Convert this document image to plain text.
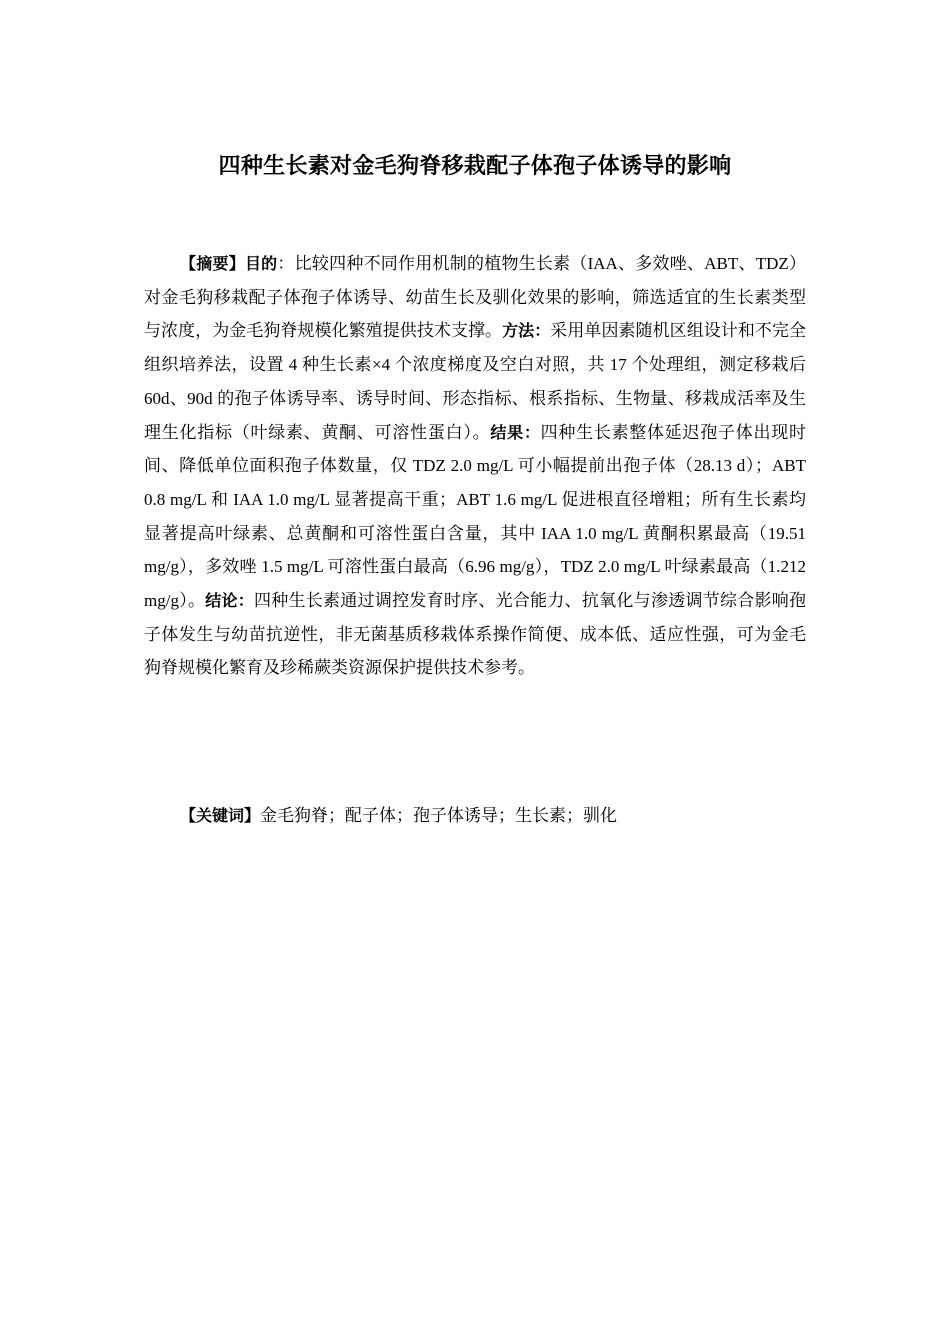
四种生长素对金毛狗脊移栽配子体孢子体诱导的影响

【摘要】目的：比较四种不同作用机制的植物生长素（IAA、多效唑、ABT、TDZ）对金毛狗移栽配子体孢子体诱导、幼苗生长及驯化效果的影响，筛选适宜的生长素类型与浓度，为金毛狗脊规模化繁殖提供技术支撑。方法：采用单因素随机区组设计和不完全组织培养法，设置 4 种生长素×4 个浓度梯度及空白对照，共 17 个处理组，测定移栽后 60d、90d 的孢子体诱导率、诱导时间、形态指标、根系指标、生物量、移栽成活率及生理生化指标（叶绿素、黄酮、可溶性蛋白）。结果：四种生长素整体延迟孢子体出现时间、降低单位面积孢子体数量，仅 TDZ 2.0 mg/L 可小幅提前出孢子体（28.13 d）；ABT 0.8 mg/L 和 IAA 1.0 mg/L 显著提高干重；ABT 1.6 mg/L 促进根直径增粗；所有生长素均显著提高叶绿素、总黄酮和可溶性蛋白含量，其中 IAA 1.0 mg/L 黄酮积累最高（19.51 mg/g），多效唑 1.5 mg/L 可溶性蛋白最高（6.96 mg/g），TDZ 2.0 mg/L 叶绿素最高（1.212 mg/g）。结论：四种生长素通过调控发育时序、光合能力、抗氧化与渗透调节综合影响孢子体发生与幼苗抗逆性，非无菌基质移栽体系操作简便、成本低、适应性强，可为金毛狗脊规模化繁育及珍稀蕨类资源保护提供技术参考。

【关键词】金毛狗脊；配子体；孢子体诱导；生长素；驯化
